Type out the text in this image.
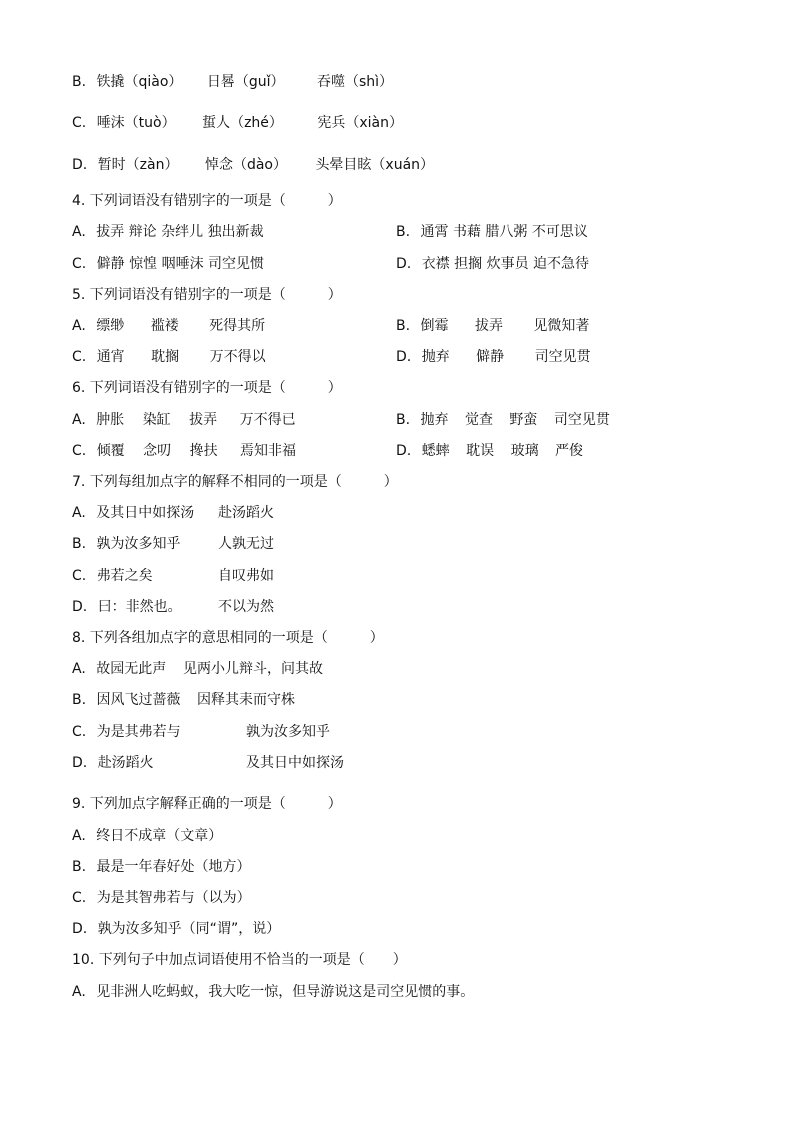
B. 铁撬（qiào） 日晷（guǐ） 吞噬（shì）
C. 唾沫（tuò） 蜇人（zhé） 宪兵（xiàn）
D. 暂时（zàn） 悼念（dào） 头晕目眩（xuán）
4. 下列词语没有错别字的一项是（　　　）
A. 拔弄 辩论 杂绊儿 独出新裁	B. 通霄 书藉 腊八粥 不可思议
C. 僻静 惊惶 咽唾沫 司空见惯	D. 衣襟 担搁 炊事员 迫不急待
5. 下列词语没有错别字的一项是（　　　）
A. 缥缈 褴褛 死得其所	B. 倒霉 拔弄 见微知著
C. 通宵 耽搁 万不得以	D. 抛弃 僻静 司空见贯
6. 下列词语没有错别字的一项是（　　　）
A. 肿胀 染缸 拔弄 万不得已	B. 抛弃 觉查 野蛮 司空见贯
C. 倾覆 念叨 搀扶 焉知非福	D. 蟋蟀 耽误 玻璃 严俊
7. 下列每组加点字的解释不相同的一项是（　　　）
A. 及其日中如探汤 赴汤蹈火
B. 孰为汝多知乎	人孰无过
C. 弗若之矣	自叹弗如
D. 曰：非然也。	不以为然
8. 下列各组加点字的意思相同的一项是（　　　）
A. 故园无此声 见两小儿辩斗，问其故
B. 因风飞过蔷薇 因释其耒而守株
C. 为是其弗若与	孰为汝多知乎
D. 赴汤蹈火	及其日中如探汤
9. 下列加点字解释正确的一项是（　　　）
A. 终日不成章（文章）
B. 最是一年春好处（地方）
C. 为是其智弗若与（以为）
D. 孰为汝多知乎（同“谓”，说）
10. 下列句子中加点词语使用不恰当的一项是（　　）
A. 见非洲人吃蚂蚁，我大吃一惊，但导游说这是司空见惯的事。
